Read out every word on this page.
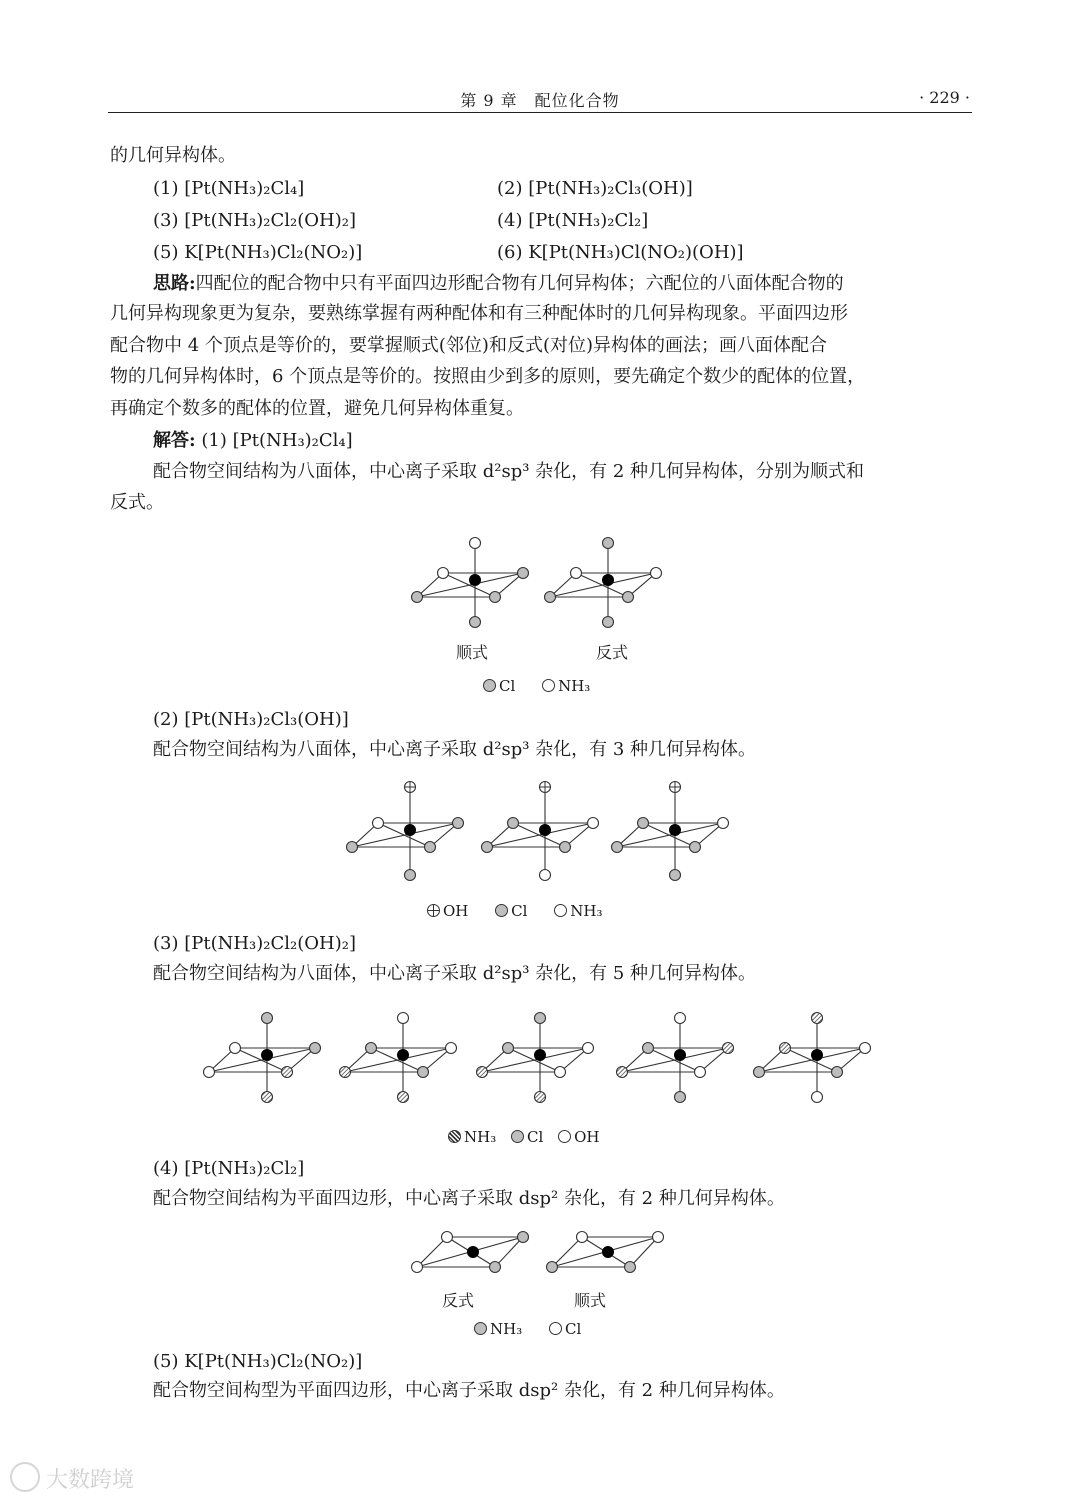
第 9 章　配位化合物	· 229 ·
的几何异构体。
(1) [Pt(NH₃)₂Cl₄]	(2) [Pt(NH₃)₂Cl₃(OH)]
(3) [Pt(NH₃)₂Cl₂(OH)₂]	(4) [Pt(NH₃)₂Cl₂]
(5) K[Pt(NH₃)Cl₂(NO₂)]	(6) K[Pt(NH₃)Cl(NO₂)(OH)]
思路:四配位的配合物中只有平面四边形配合物有几何异构体；六配位的八面体配合物的
几何异构现象更为复杂，要熟练掌握有两种配体和有三种配体时的几何异构现象。平面四边形
配合物中 4 个顶点是等价的，要掌握顺式(邻位)和反式(对位)异构体的画法；画八面体配合
物的几何异构体时，6 个顶点是等价的。按照由少到多的原则，要先确定个数少的配体的位置，
再确定个数多的配体的位置，避免几何异构体重复。
解答: (1) [Pt(NH₃)₂Cl₄]
配合物空间结构为八面体，中心离子采取 d²sp³ 杂化，有 2 种几何异构体，分别为顺式和
反式。
顺式	反式
Cl	NH₃
(2) [Pt(NH₃)₂Cl₃(OH)]
配合物空间结构为八面体，中心离子采取 d²sp³ 杂化，有 3 种几何异构体。
OH	Cl	NH₃
(3) [Pt(NH₃)₂Cl₂(OH)₂]
配合物空间结构为八面体，中心离子采取 d²sp³ 杂化，有 5 种几何异构体。
NH₃ Cl OH
(4) [Pt(NH₃)₂Cl₂]
配合物空间结构为平面四边形，中心离子采取 dsp² 杂化，有 2 种几何异构体。
反式	顺式
NH₃	Cl
(5) K[Pt(NH₃)Cl₂(NO₂)]
配合物空间构型为平面四边形，中心离子采取 dsp² 杂化，有 2 种几何异构体。
大数跨境
